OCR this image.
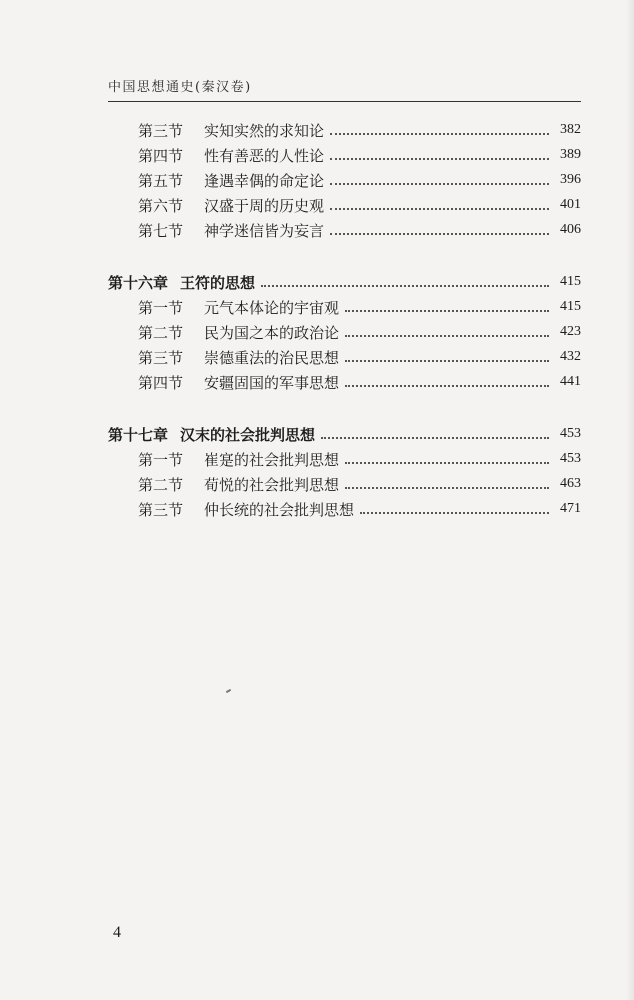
中国思想通史(秦汉卷)
第三节	实知实然的求知论	382
第四节	性有善恶的人性论	389
第五节	逢遇幸偶的命定论	396
第六节	汉盛于周的历史观	401
第七节	神学迷信皆为妄言	406
第十六章 王符的思想	415
第一节	元气本体论的宇宙观	415
第二节	民为国之本的政治论	423
第三节	崇德重法的治民思想	432
第四节	安疆固国的军事思想	441
第十七章 汉末的社会批判思想	453
第一节	崔寔的社会批判思想	453
第二节	荀悦的社会批判思想	463
第三节	仲长统的社会批判思想	471
4
